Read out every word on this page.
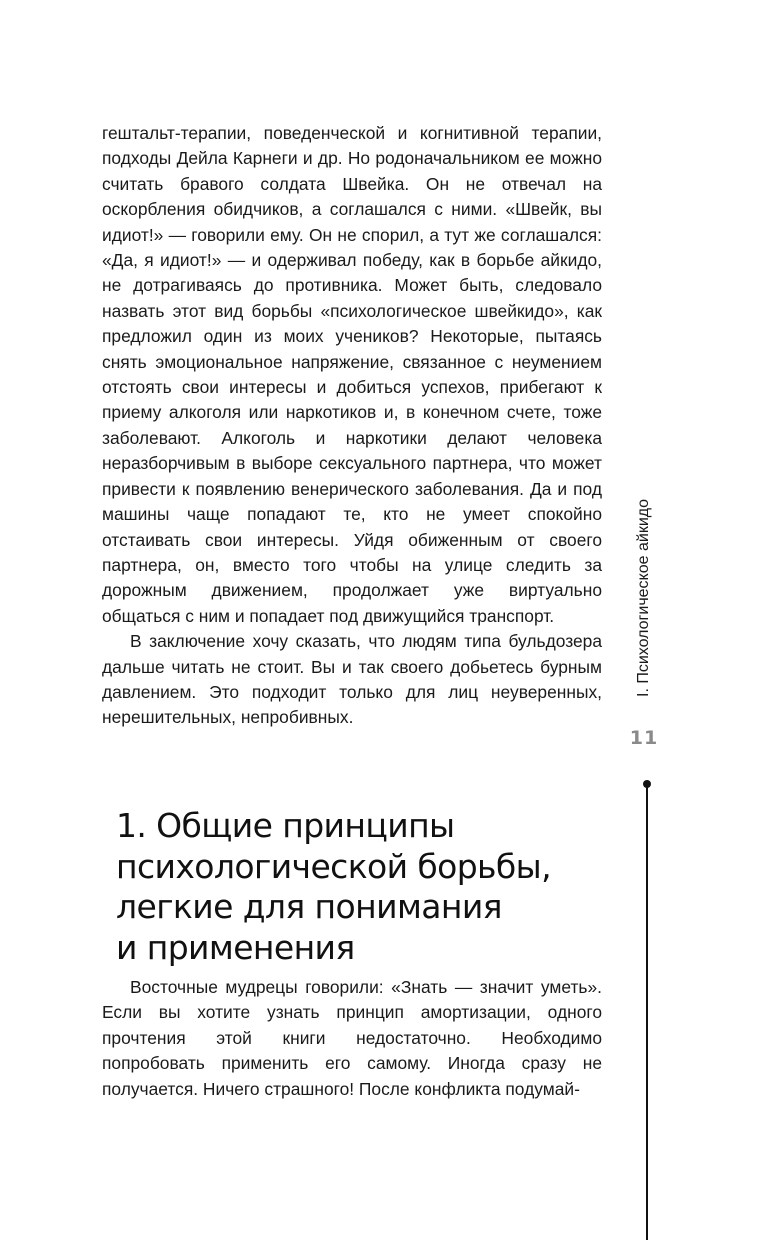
гештальт-терапии, поведенческой и когнитивной терапии, подходы Дейла Карнеги и др. Но родоначальником ее можно считать бравого солдата Швейка. Он не отвечал на оскорбления обидчиков, а соглашался с ними. «Швейк, вы идиот!» — говорили ему. Он не спорил, а тут же соглашался: «Да, я идиот!» — и одерживал победу, как в борьбе айкидо, не дотрагиваясь до противника. Может быть, следовало назвать этот вид борьбы «психологическое швейкидо», как предложил один из моих учеников? Некоторые, пытаясь снять эмоциональное напряжение, связанное с неумением отстоять свои интересы и добиться успехов, прибегают к приему алкоголя или наркотиков и, в конечном счете, тоже заболевают. Алкоголь и наркотики делают человека неразборчивым в выборе сексуального партнера, что может привести к появлению венерического заболевания. Да и под машины чаще попадают те, кто не умеет спокойно отстаивать свои интересы. Уйдя обиженным от своего партнера, он, вместо того чтобы на улице следить за дорожным движением, продолжает уже виртуально общаться с ним и попадает под движущийся транспорт.

В заключение хочу сказать, что людям типа бульдозера дальше читать не стоит. Вы и так своего добьетесь бурным давлением. Это подходит только для лиц неуверенных, нерешительных, непробивных.

1. Общие принципы
психологической борьбы,
легкие для понимания
и применения

Восточные мудрецы говорили: «Знать — значит уметь». Если вы хотите узнать принцип амортизации, одного прочтения этой книги недостаточно. Необходимо попробовать применить его самому. Иногда сразу не получается. Ничего страшного! После конфликта подумай-

I. Психологическое айкидо
11
